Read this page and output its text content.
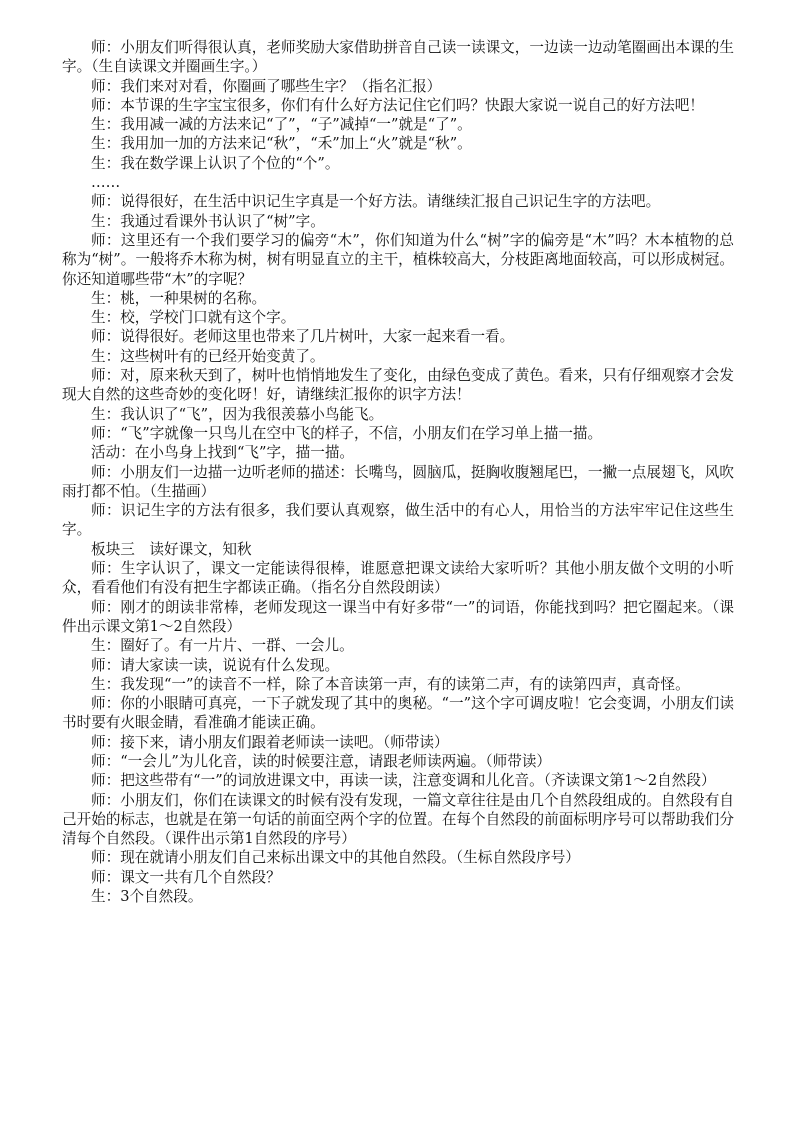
师：小朋友们听得很认真，老师奖励大家借助拼音自己读一读课文，一边读一边动笔圈画出本课的生字。（生自读课文并圈画生字。）

师：我们来对对看，你圈画了哪些生字？（指名汇报）

师：本节课的生字宝宝很多，你们有什么好方法记住它们吗？快跟大家说一说自己的好方法吧！

生：我用减一减的方法来记“了”，“子”减掉“一”就是“了”。

生：我用加一加的方法来记“秋”，“禾”加上“火”就是“秋”。

生：我在数学课上认识了个位的“个”。

……

师：说得很好，在生活中识记生字真是一个好方法。请继续汇报自己识记生字的方法吧。

生：我通过看课外书认识了“树”字。

师：这里还有一个我们要学习的偏旁“木”，你们知道为什么“树”字的偏旁是“木”吗？木本植物的总称为“树”。一般将乔木称为树，树有明显直立的主干，植株较高大，分枝距离地面较高，可以形成树冠。你还知道哪些带“木”的字呢？

生：桃，一种果树的名称。

生：校，学校门口就有这个字。

师：说得很好。老师这里也带来了几片树叶，大家一起来看一看。

生：这些树叶有的已经开始变黄了。

师：对，原来秋天到了，树叶也悄悄地发生了变化，由绿色变成了黄色。看来，只有仔细观察才会发现大自然的这些奇妙的变化呀！好，请继续汇报你的识字方法！

生：我认识了“飞”，因为我很羡慕小鸟能飞。

师：“飞”字就像一只鸟儿在空中飞的样子，不信，小朋友们在学习单上描一描。

活动：在小鸟身上找到“飞”字，描一描。

师：小朋友们一边描一边听老师的描述：长嘴鸟，圆脑瓜，挺胸收腹翘尾巴，一撇一点展翅飞，风吹雨打都不怕。（生描画）

师：识记生字的方法有很多，我们要认真观察，做生活中的有心人，用恰当的方法牢牢记住这些生字。

板块三　读好课文，知秋

师：生字认识了，课文一定能读得很棒，谁愿意把课文读给大家听听？其他小朋友做个文明的小听众，看看他们有没有把生字都读正确。（指名分自然段朗读）

师：刚才的朗读非常棒，老师发现这一课当中有好多带“一”的词语，你能找到吗？把它圈起来。（课件出示课文第1～2自然段）

生：圈好了。有一片片、一群、一会儿。

师：请大家读一读，说说有什么发现。

生：我发现“一”的读音不一样，除了本音读第一声，有的读第二声，有的读第四声，真奇怪。

师：你的小眼睛可真亮，一下子就发现了其中的奥秘。“一”这个字可调皮啦！它会变调，小朋友们读书时要有火眼金睛，看准确才能读正确。

师：接下来，请小朋友们跟着老师读一读吧。（师带读）

师：“一会儿”为儿化音，读的时候要注意，请跟老师读两遍。（师带读）

师：把这些带有“一”的词放进课文中，再读一读，注意变调和儿化音。（齐读课文第1～2自然段）

师：小朋友们，你们在读课文的时候有没有发现，一篇文章往往是由几个自然段组成的。自然段有自己开始的标志，也就是在第一句话的前面空两个字的位置。在每个自然段的前面标明序号可以帮助我们分清每个自然段。（课件出示第1自然段的序号）

师：现在就请小朋友们自己来标出课文中的其他自然段。（生标自然段序号）

师：课文一共有几个自然段？

生：3个自然段。
